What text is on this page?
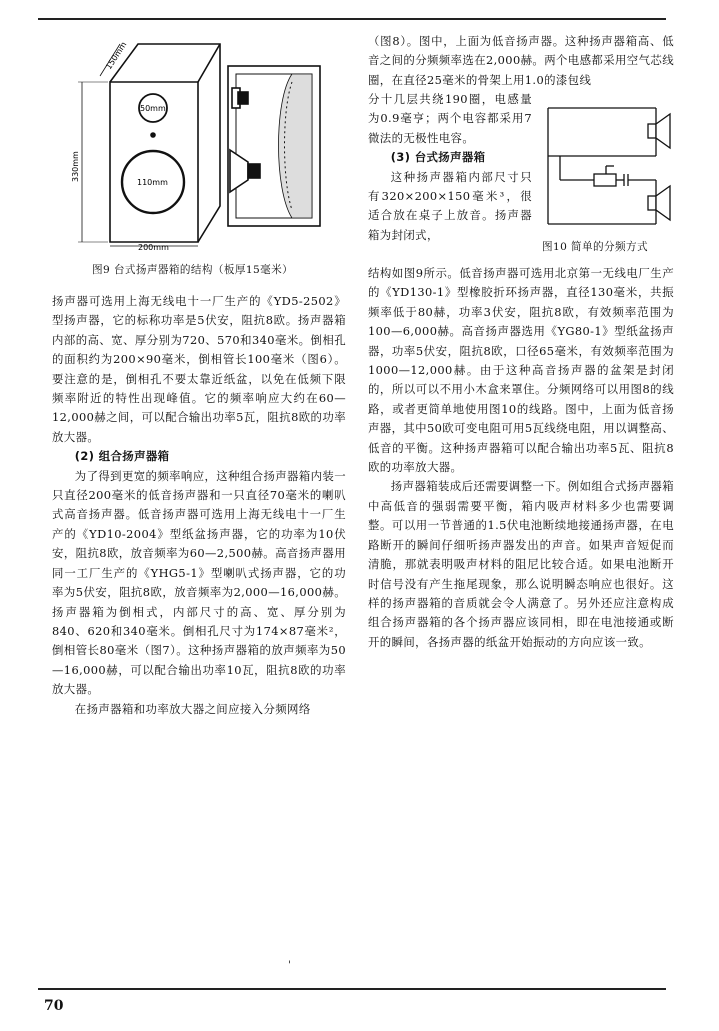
150mm
330mm
200mm
50mm
110mm
图9 台式扬声器箱的结构（板厚15毫米）

扬声器可选用上海无线电十一厂生产的《YD5-2502》型扬声器，它的标称功率是5伏安，阻抗8欧。扬声器箱内部的高、宽、厚分别为720、570和340毫米。倒相孔的面积约为200×90毫米，倒相管长100毫米（图6）。要注意的是，倒相孔不要太靠近纸盆，以免在低频下限频率附近的特性出现峰值。它的频率响应大约在60—12,000赫之间，可以配合输出功率5瓦，阻抗8欧的功率放大器。

(2) 组合扬声器箱

为了得到更宽的频率响应，这种组合扬声器箱内装一只直径200毫米的低音扬声器和一只直径70毫米的喇叭式高音扬声器。低音扬声器可选用上海无线电十一厂生产的《YD10-2004》型纸盆扬声器，它的功率为10伏安，阻抗8欧，放音频率为60—2,500赫。高音扬声器用同一工厂生产的《YHG5-1》型喇叭式扬声器，它的功率为5伏安，阻抗8欧，放音频率为2,000—16,000赫。扬声器箱为倒相式，内部尺寸的高、宽、厚分别为840、620和340毫米。倒相孔尺寸为174×87毫米²，倒相管长80毫米（图7）。这种扬声器箱的放声频率为50—16,000赫，可以配合输出功率10瓦，阻抗8欧的功率放大器。

在扬声器箱和功率放大器之间应接入分频网络

（图8）。图中，上面为低音扬声器。这种扬声器箱高、低音之间的分频频率选在2,000赫。两个电感都采用空气芯线圈，在直径25毫米的骨架上用1.0的漆包线

分十几层共绕190圈，电感量为0.9毫亨；两个电容都采用7微法的无极性电容。

(3) 台式扬声器箱

这种扬声器箱内部尺寸只有320×200×150毫米³，很适合放在桌子上放音。扬声器箱为封闭式，

图10 简单的分频方式

结构如图9所示。低音扬声器可选用北京第一无线电厂生产的《YD130-1》型橡胶折环扬声器，直径130毫米，共振频率低于80赫，功率3伏安，阻抗8欧，有效频率范围为100—6,000赫。高音扬声器选用《YG80-1》型纸盆扬声器，功率5伏安，阻抗8欧，口径65毫米，有效频率范围为1000—12,000赫。由于这种高音扬声器的盆架是封闭的，所以可以不用小木盒来罩住。分频网络可以用图8的线路，或者更简单地使用图10的线路。图中，上面为低音扬声器，其中50欧可变电阻可用5瓦线绕电阻，用以调整高、低音的平衡。这种扬声器箱可以配合输出功率5瓦、阻抗8欧的功率放大器。

扬声器箱装成后还需要调整一下。例如组合式扬声器箱中高低音的强弱需要平衡，箱内吸声材料多少也需要调整。可以用一节普通的1.5伏电池断续地接通扬声器，在电路断开的瞬间仔细听扬声器发出的声音。如果声音短促而清脆，那就表明吸声材料的阻尼比较合适。如果电池断开时信号没有产生拖尾现象，那么说明瞬态响应也很好。这样的扬声器箱的音质就会令人满意了。另外还应注意构成组合扬声器箱的各个扬声器应该同相，即在电池接通或断开的瞬间，各扬声器的纸盆开始振动的方向应该一致。

'
70
